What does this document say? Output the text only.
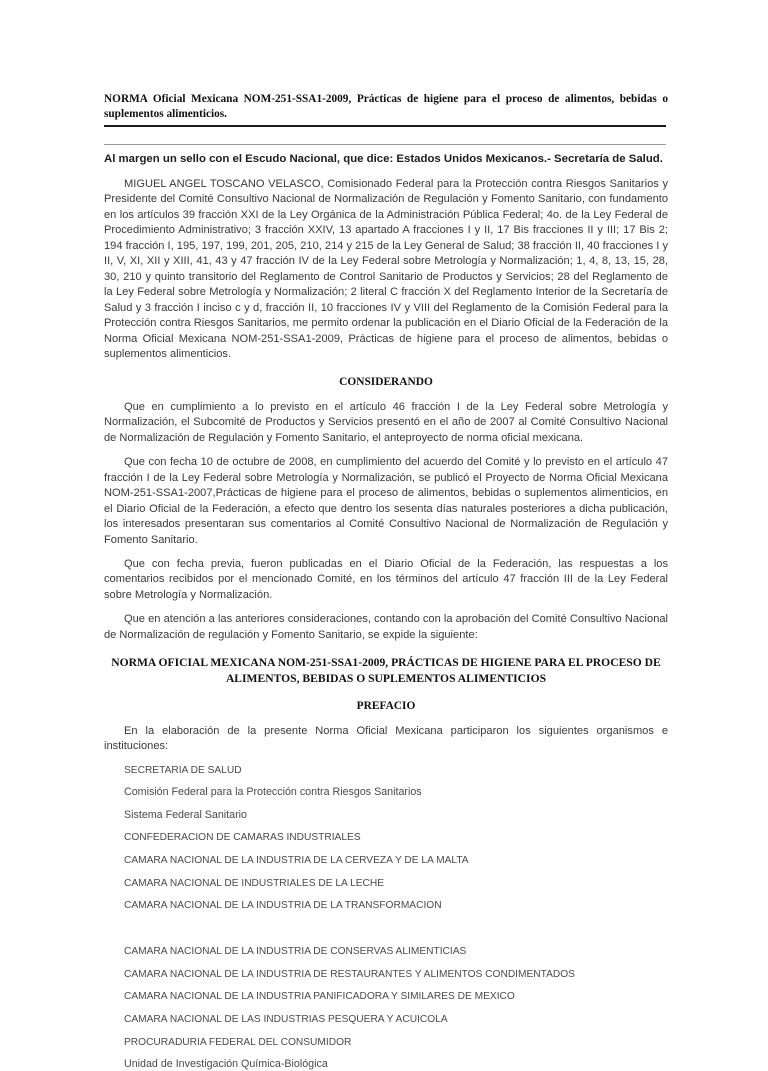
NORMA Oficial Mexicana NOM-251-SSA1-2009, Prácticas de higiene para el proceso de alimentos, bebidas o suplementos alimenticios.
Al margen un sello con el Escudo Nacional, que dice: Estados Unidos Mexicanos.- Secretaría de Salud.

MIGUEL ANGEL TOSCANO VELASCO, Comisionado Federal para la Protección contra Riesgos Sanitarios y Presidente del Comité Consultivo Nacional de Normalización de Regulación y Fomento Sanitario, con fundamento en los artículos 39 fracción XXI de la Ley Orgánica de la Administración Pública Federal; 4o. de la Ley Federal de Procedimiento Administrativo; 3 fracción XXIV, 13 apartado A fracciones I y II, 17 Bis fracciones II y III; 17 Bis 2; 194 fracción I, 195, 197, 199, 201, 205, 210, 214 y 215 de la Ley General de Salud; 38 fracción II, 40 fracciones I y II, V, XI, XII y XIII, 41, 43 y 47 fracción IV de la Ley Federal sobre Metrología y Normalización; 1, 4, 8, 13, 15, 28, 30, 210 y quinto transitorio del Reglamento de Control Sanitario de Productos y Servicios; 28 del Reglamento de la Ley Federal sobre Metrología y Normalización; 2 literal C fracción X del Reglamento Interior de la Secretaría de Salud y 3 fracción I inciso c y d, fracción II, 10 fracciones IV y VIII del Reglamento de la Comisión Federal para la Protección contra Riesgos Sanitarios, me permito ordenar la publicación en el Diario Oficial de la Federación de la Norma Oficial Mexicana NOM-251-SSA1-2009, Prácticas de higiene para el proceso de alimentos, bebidas o suplementos alimenticios.

CONSIDERANDO

Que en cumplimiento a lo previsto en el artículo 46 fracción I de la Ley Federal sobre Metrología y Normalización, el Subcomité de Productos y Servicios presentó en el año de 2007 al Comité Consultivo Nacional de Normalización de Regulación y Fomento Sanitario, el anteproyecto de norma oficial mexicana.

Que con fecha 10 de octubre de 2008, en cumplimiento del acuerdo del Comité y lo previsto en el artículo 47 fracción I de la Ley Federal sobre Metrología y Normalización, se publicó el Proyecto de Norma Oficial Mexicana NOM-251-SSA1-2007,Prácticas de higiene para el proceso de alimentos, bebidas o suplementos alimenticios, en el Diario Oficial de la Federación, a efecto que dentro los sesenta días naturales posteriores a dicha publicación, los interesados presentaran sus comentarios al Comité Consultivo Nacional de Normalización de Regulación y Fomento Sanitario.

Que con fecha previa, fueron publicadas en el Diario Oficial de la Federación, las respuestas a los comentarios recibidos por el mencionado Comité, en los términos del artículo 47 fracción III de la Ley Federal sobre Metrología y Normalización.

Que en atención a las anteriores consideraciones, contando con la aprobación del Comité Consultivo Nacional de Normalización de regulación y Fomento Sanitario, se expide la siguiente:

NORMA OFICIAL MEXICANA NOM-251-SSA1-2009, PRÁCTICAS DE HIGIENE PARA EL PROCESO DE ALIMENTOS, BEBIDAS O SUPLEMENTOS ALIMENTICIOS
PREFACIO

En la elaboración de la presente Norma Oficial Mexicana participaron los siguientes organismos e instituciones:

SECRETARIA DE SALUD
Comisión Federal para la Protección contra Riesgos Sanitarios
Sistema Federal Sanitario
CONFEDERACION DE CAMARAS INDUSTRIALES
CAMARA NACIONAL DE LA INDUSTRIA DE LA CERVEZA Y DE LA MALTA
CAMARA NACIONAL DE INDUSTRIALES DE LA LECHE
CAMARA NACIONAL DE LA INDUSTRIA DE LA TRANSFORMACION
CAMARA NACIONAL DE LA INDUSTRIA DE CONSERVAS ALIMENTICIAS
CAMARA NACIONAL DE LA INDUSTRIA DE RESTAURANTES Y ALIMENTOS CONDIMENTADOS
CAMARA NACIONAL DE LA INDUSTRIA PANIFICADORA Y SIMILARES DE MEXICO
CAMARA NACIONAL DE LAS INDUSTRIAS PESQUERA Y ACUICOLA
PROCURADURIA FEDERAL DEL CONSUMIDOR
Unidad de Investigación Química-Biológica
